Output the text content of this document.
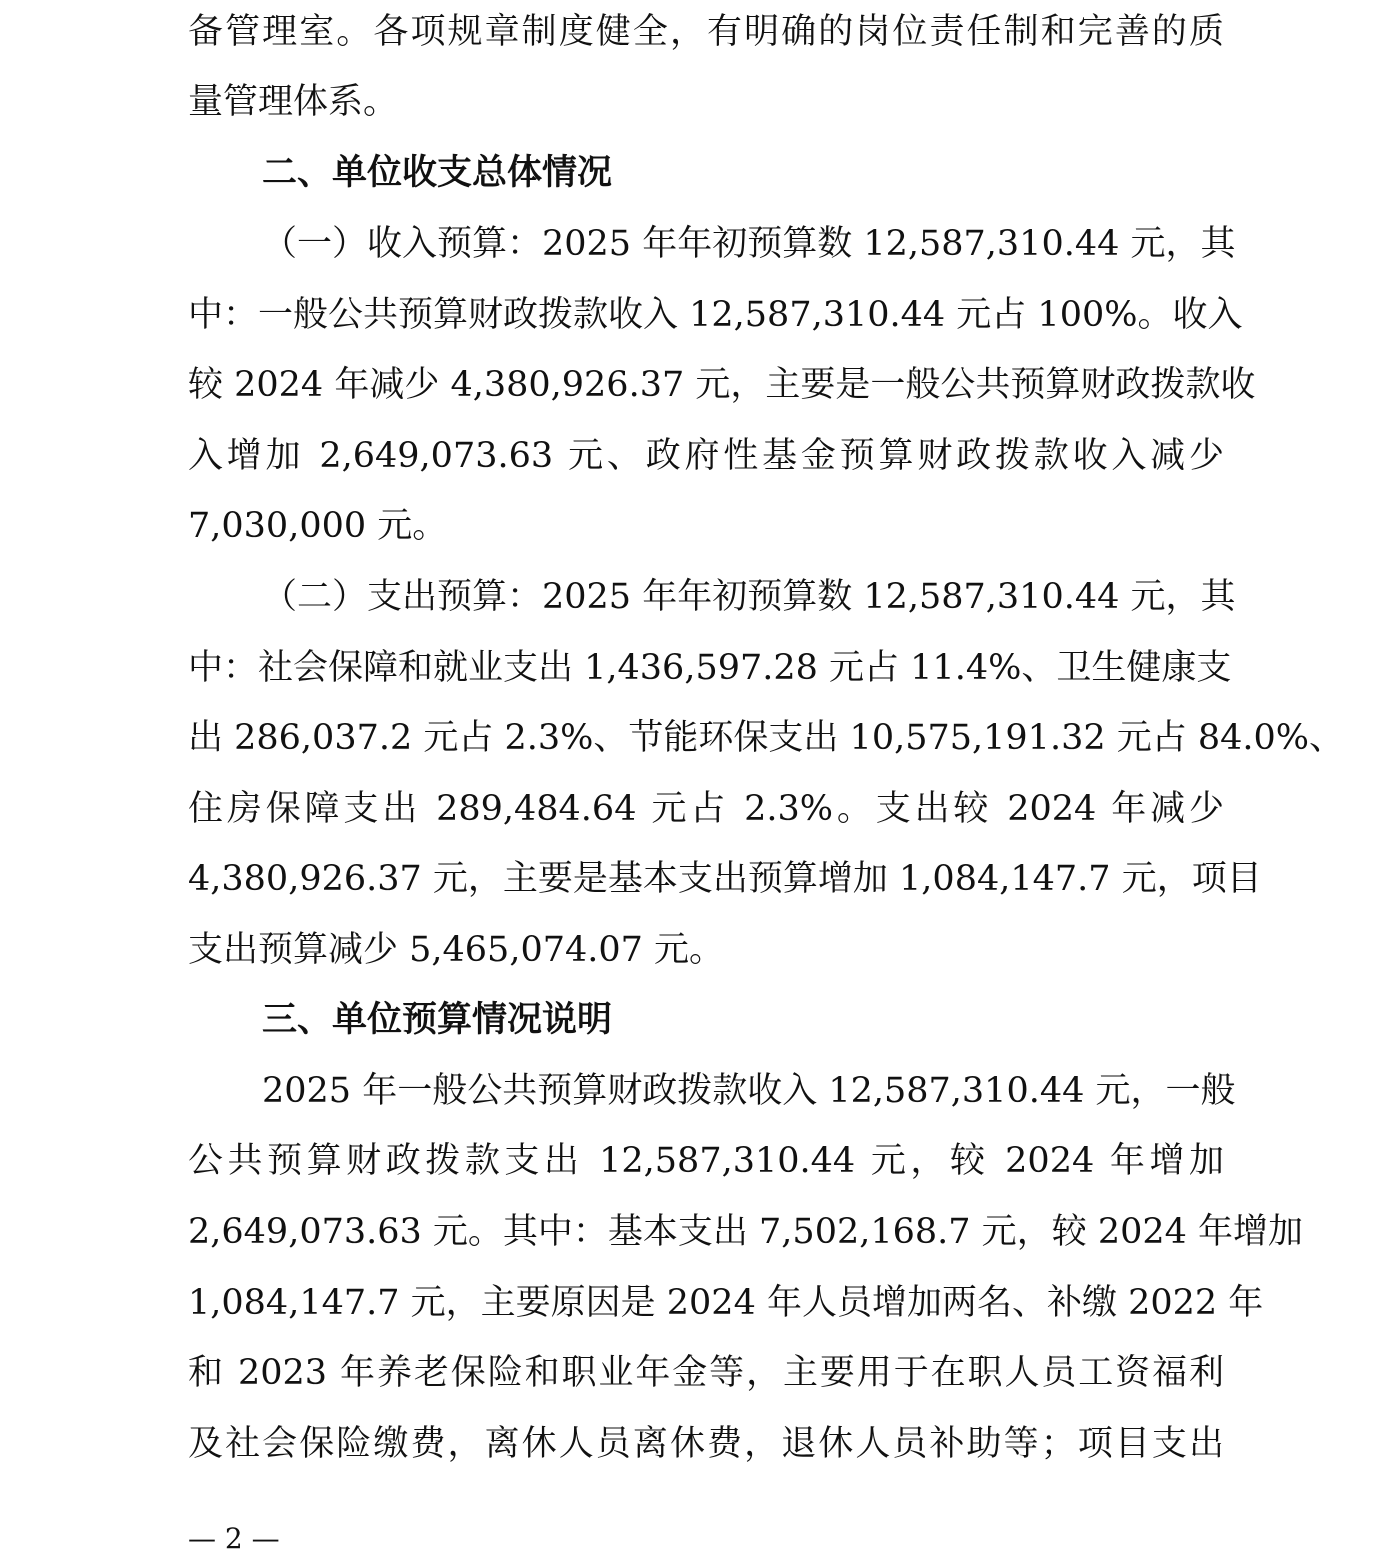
备管理室。各项规章制度健全，有明确的岗位责任制和完善的质
量管理体系。
二、单位收支总体情况
（一）收入预算：2025 年年初预算数 12,587,310.44 元，其
中：一般公共预算财政拨款收入 12,587,310.44 元占 100%。收入
较 2024 年减少 4,380,926.37 元，主要是一般公共预算财政拨款收
入增加 2,649,073.63 元、政府性基金预算财政拨款收入减少
7,030,000 元。
（二）支出预算：2025 年年初预算数 12,587,310.44 元，其
中：社会保障和就业支出 1,436,597.28 元占 11.4%、卫生健康支
出 286,037.2 元占 2.3%、节能环保支出 10,575,191.32 元占 84.0%、
住房保障支出 289,484.64 元占 2.3%。支出较 2024 年减少
4,380,926.37 元，主要是基本支出预算增加 1,084,147.7 元，项目
支出预算减少 5,465,074.07 元。
三、单位预算情况说明
2025 年一般公共预算财政拨款收入 12,587,310.44 元，一般
公共预算财政拨款支出 12,587,310.44 元，较 2024 年增加
2,649,073.63 元。其中：基本支出 7,502,168.7 元，较 2024 年增加
1,084,147.7 元，主要原因是 2024 年人员增加两名、补缴 2022 年
和 2023 年养老保险和职业年金等，主要用于在职人员工资福利
及社会保险缴费，离休人员离休费，退休人员补助等；项目支出
— 2 —
